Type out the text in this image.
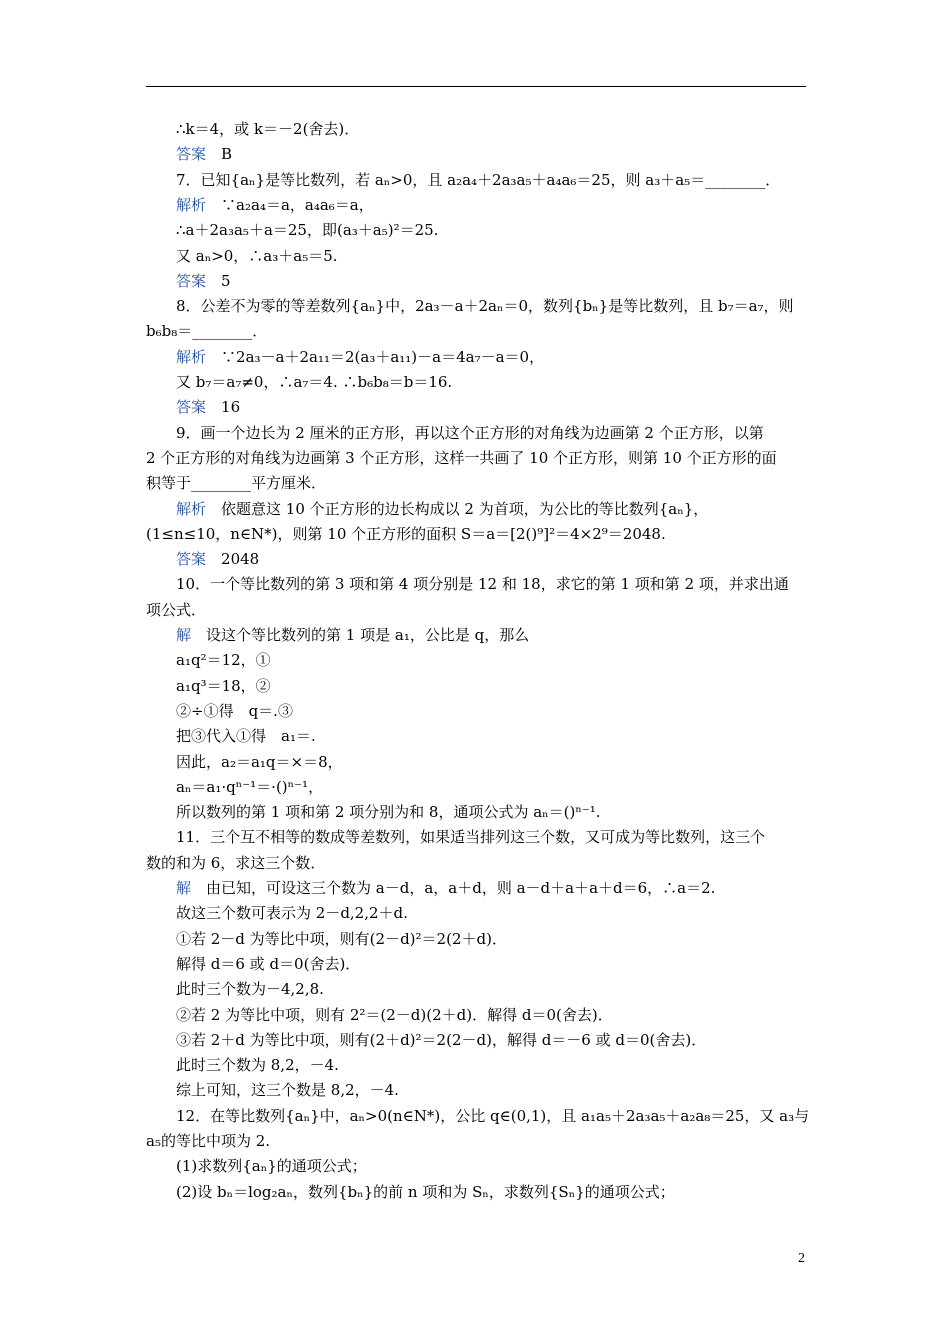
∴k＝4，或 k＝－2(舍去)．
答案　 B
7．已知{aₙ}是等比数列，若 aₙ>0，且 a₂a₄＋2a₃a₅＋a₄a₆＝25，则 a₃＋a₅＝________．
解析　 ∵a₂a₄＝a，a₄a₆＝a，
∴a＋2a₃a₅＋a＝25，即(a₃＋a₅)²＝25.
又 aₙ>0，∴a₃＋a₅＝5.
答案　 5
8．公差不为零的等差数列{aₙ}中，2a₃－a＋2aₙ＝0，数列{bₙ}是等比数列，且 b₇＝a₇，则
b₆b₈＝________．
解析　 ∵2a₃－a＋2a₁₁＝2(a₃＋a₁₁)－a＝4a₇－a＝0，
又 b₇＝a₇≠0，∴a₇＝4. ∴b₆b₈＝b＝16.
答案　 16
9．画一个边长为 2 厘米的正方形，再以这个正方形的对角线为边画第 2 个正方形，以第
2 个正方形的对角线为边画第 3 个正方形，这样一共画了 10 个正方形，则第 10 个正方形的面
积等于________平方厘米．
解析　 依题意这 10 个正方形的边长构成以 2 为首项，为公比的等比数列{aₙ}，
(1≤n≤10，n∈N*)，则第 10 个正方形的面积 S＝a＝[2()⁹]²＝4×2⁹＝2048.
答案　 2048
10．一个等比数列的第 3 项和第 4 项分别是 12 和 18，求它的第 1 项和第 2 项，并求出通
项公式．
解　 设这个等比数列的第 1 项是 a₁，公比是 q，那么
a₁q²＝12，①
a₁q³＝18，②
②÷①得　q＝.③
把③代入①得　a₁＝.
因此，a₂＝a₁q＝×＝8，
aₙ＝a₁·qⁿ⁻¹＝·()ⁿ⁻¹，
所以数列的第 1 项和第 2 项分别为和 8，通项公式为 aₙ＝()ⁿ⁻¹.
11．三个互不相等的数成等差数列，如果适当排列这三个数，又可成为等比数列，这三个
数的和为 6，求这三个数．
解　 由已知，可设这三个数为 a－d，a，a＋d，则 a－d＋a＋a＋d＝6，∴a＝2.
故这三个数可表示为 2－d,2,2＋d.
①若 2－d 为等比中项，则有(2－d)²＝2(2＋d)．
解得 d＝6 或 d＝0(舍去)．
此时三个数为－4,2,8.
②若 2 为等比中项，则有 2²＝(2－d)(2＋d)．解得 d＝0(舍去)．
③若 2＋d 为等比中项，则有(2＋d)²＝2(2－d)，解得 d＝－6 或 d＝0(舍去)．
此时三个数为 8,2，－4.
综上可知，这三个数是 8,2，－4.
12．在等比数列{aₙ}中，aₙ>0(n∈N*)，公比 q∈(0,1)，且 a₁a₅＋2a₃a₅＋a₂a₈＝25，又 a₃与
a₅的等比中项为 2.
(1)求数列{aₙ}的通项公式；
(2)设 bₙ＝log₂aₙ，数列{bₙ}的前 n 项和为 Sₙ，求数列{Sₙ}的通项公式；
2
